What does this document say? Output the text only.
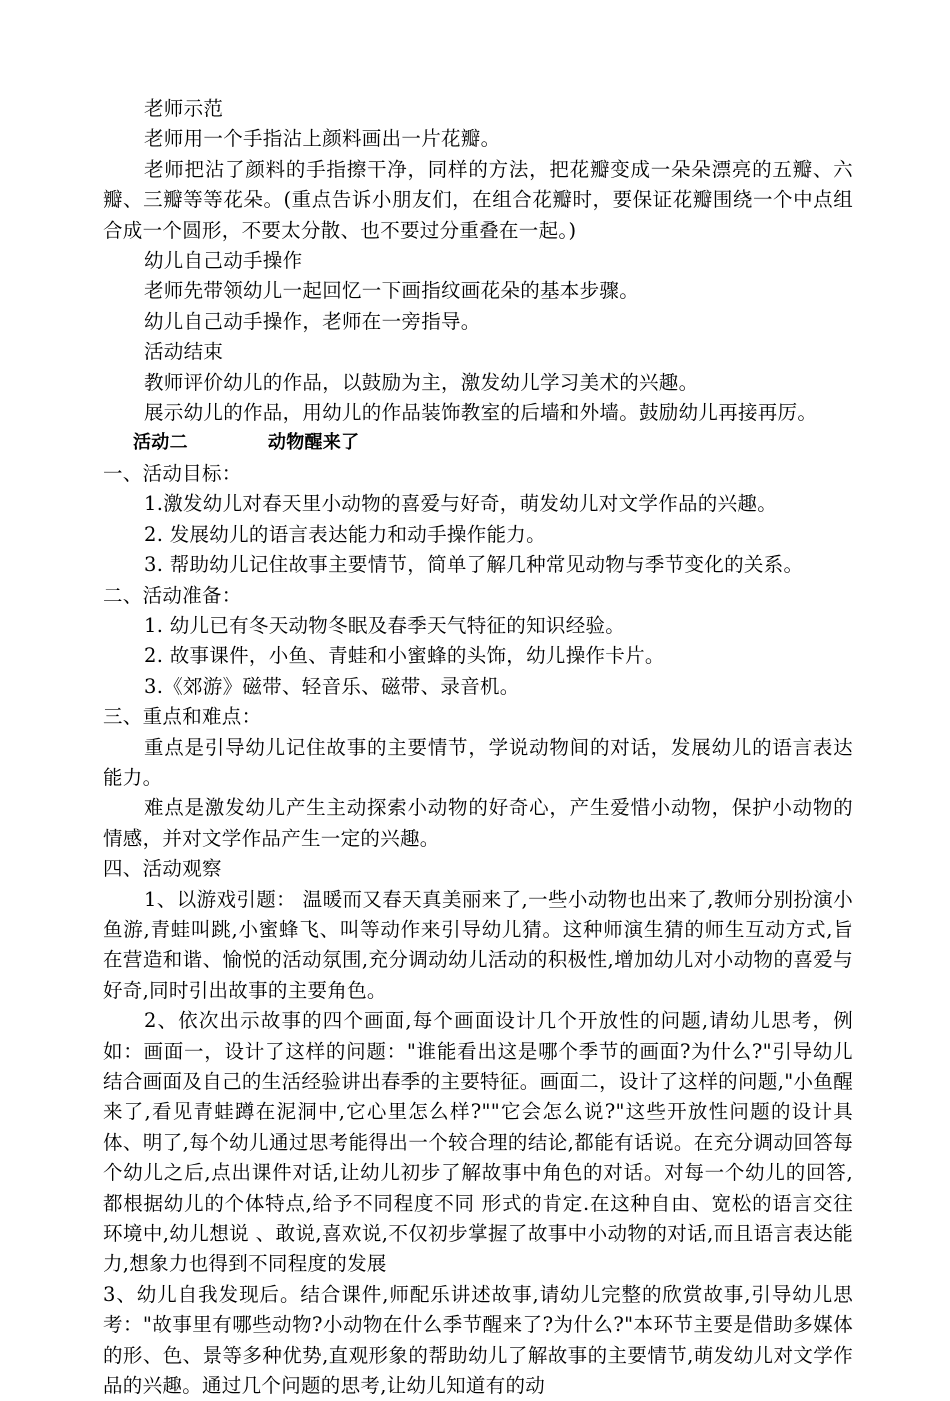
老师示范

老师用一个手指沾上颜料画出一片花瓣。

老师把沾了颜料的手指擦干净，同样的方法，把花瓣变成一朵朵漂亮的五瓣、六瓣、三瓣等等花朵。(重点告诉小朋友们，在组合花瓣时，要保证花瓣围绕一个中点组合成一个圆形，不要太分散、也不要过分重叠在一起。)

幼儿自己动手操作

老师先带领幼儿一起回忆一下画指纹画花朵的基本步骤。

幼儿自己动手操作，老师在一旁指导。

活动结束

教师评价幼儿的作品，以鼓励为主，激发幼儿学习美术的兴趣。

展示幼儿的作品，用幼儿的作品装饰教室的后墙和外墙。鼓励幼儿再接再厉。

活动二	动物醒来了

一、活动目标：

1.激发幼儿对春天里小动物的喜爱与好奇，萌发幼儿对文学作品的兴趣。

2. 发展幼儿的语言表达能力和动手操作能力。

3. 帮助幼儿记住故事主要情节，简单了解几种常见动物与季节变化的关系。

二、活动准备：

1. 幼儿已有冬天动物冬眠及春季天气特征的知识经验。

2. 故事课件，小鱼、青蛙和小蜜蜂的头饰，幼儿操作卡片。

3.《郊游》磁带、轻音乐、磁带、录音机。

三、重点和难点：

重点是引导幼儿记住故事的主要情节，学说动物间的对话，发展幼儿的语言表达能力。

难点是激发幼儿产生主动探索小动物的好奇心，产生爱惜小动物，保护小动物的情感，并对文学作品产生一定的兴趣。

四、活动观察

1、以游戏引题： 温暖而又春天真美丽来了,一些小动物也出来了,教师分别扮演小鱼游,青蛙叫跳,小蜜蜂飞、叫等动作来引导幼儿猜。这种师演生猜的师生互动方式,旨在营造和谐、愉悦的活动氛围,充分调动幼儿活动的积极性,增加幼儿对小动物的喜爱与好奇,同时引出故事的主要角色。

2、依次出示故事的四个画面,每个画面设计几个开放性的问题,请幼儿思考，例如：画面一，设计了这样的问题："谁能看出这是哪个季节的画面?为什么?"引导幼儿结合画面及自己的生活经验讲出春季的主要特征。画面二，设计了这样的问题,"小鱼醒来了,看见青蛙蹲在泥洞中,它心里怎么样?""它会怎么说?"这些开放性问题的设计具体、明了,每个幼儿通过思考能得出一个较合理的结论,都能有话说。在充分调动回答每个幼儿之后,点出课件对话,让幼儿初步了解故事中角色的对话。对每一个幼儿的回答,都根据幼儿的个体特点,给予不同程度不同 形式的肯定.在这种自由、宽松的语言交往环境中,幼儿想说 、敢说,喜欢说,不仅初步掌握了故事中小动物的对话,而且语言表达能力,想象力也得到不同程度的发展

3、幼儿自我发现后。结合课件,师配乐讲述故事,请幼儿完整的欣赏故事,引导幼儿思考："故事里有哪些动物?小动物在什么季节醒来了?为什么?"本环节主要是借助多媒体的形、色、景等多种优势,直观形象的帮助幼儿了解故事的主要情节,萌发幼儿对文学作品的兴趣。通过几个问题的思考,让幼儿知道有的动
